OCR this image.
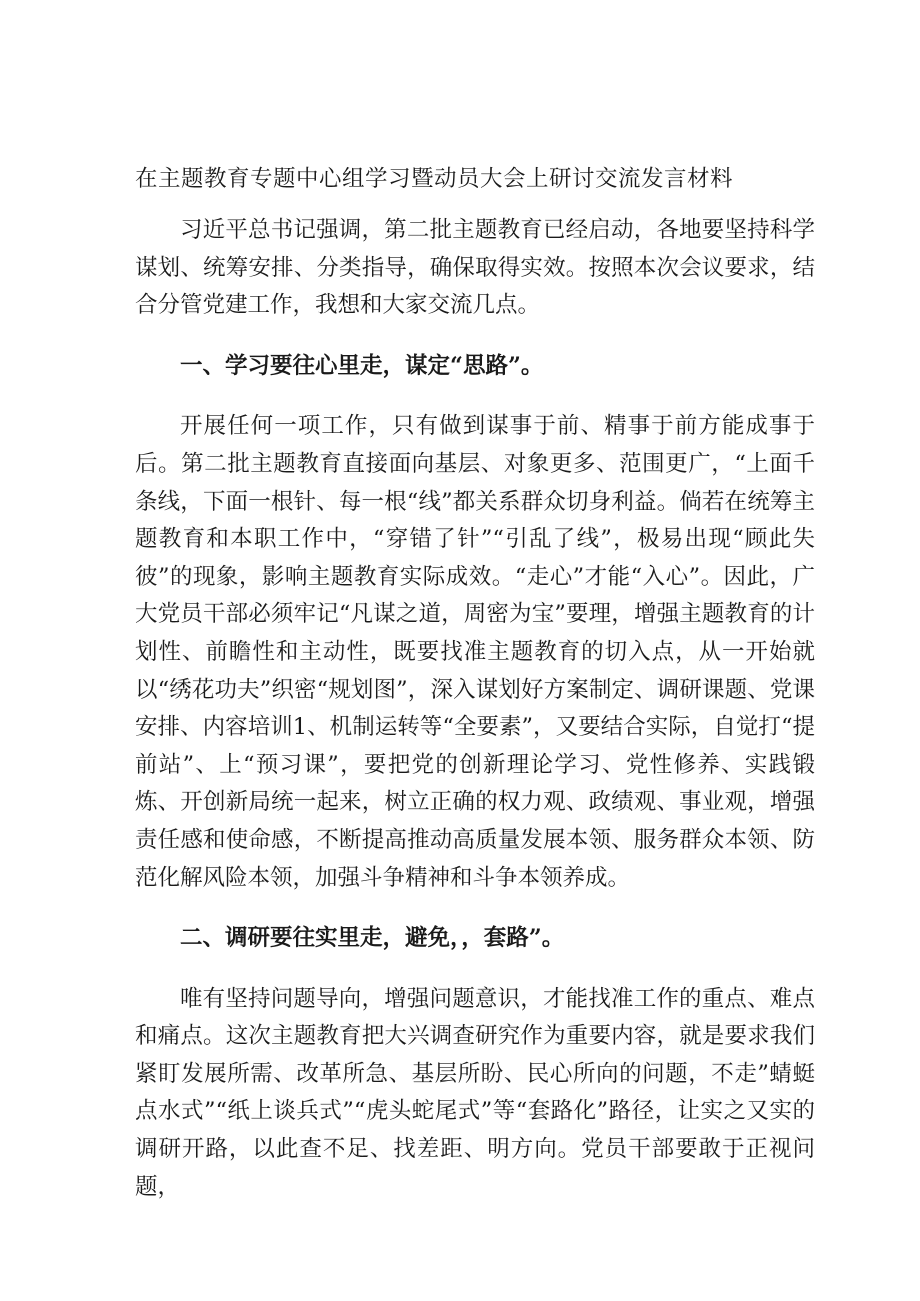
在主题教育专题中心组学习暨动员大会上研讨交流发言材料

习近平总书记强调，第二批主题教育已经启动，各地要坚持科学谋划、统筹安排、分类指导，确保取得实效。按照本次会议要求，结合分管党建工作，我想和大家交流几点。

一、学习要往心里走，谋定“思路”。

开展任何一项工作，只有做到谋事于前、精事于前方能成事于后。第二批主题教育直接面向基层、对象更多、范围更广，“上面千条线，下面一根针、每一根“线”都关系群众切身利益。倘若在统筹主题教育和本职工作中，“穿错了针”“引乱了线”，极易出现“顾此失彼”的现象，影响主题教育实际成效。“走心”才能“入心”。因此，广大党员干部必须牢记“凡谋之道，周密为宝”要理，增强主题教育的计划性、前瞻性和主动性，既要找准主题教育的切入点，从一开始就以“绣花功夫”织密“规划图”，深入谋划好方案制定、调研课题、党课安排、内容培训1、机制运转等“全要素”，又要结合实际，自觉打“提前站”、上“预习课”，要把党的创新理论学习、党性修养、实践锻炼、开创新局统一起来，树立正确的权力观、政绩观、事业观，增强责任感和使命感，不断提高推动高质量发展本领、服务群众本领、防范化解风险本领，加强斗争精神和斗争本领养成。

二、调研要往实里走，避免，，套路”。

唯有坚持问题导向，增强问题意识，才能找准工作的重点、难点和痛点。这次主题教育把大兴调查研究作为重要内容，就是要求我们紧盯发展所需、改革所急、基层所盼、民心所向的问题，不走”蜻蜓点水式”“纸上谈兵式”“虎头蛇尾式”等“套路化”路径，让实之又实的调研开路，以此查不足、找差距、明方向。党员干部要敢于正视问题，
